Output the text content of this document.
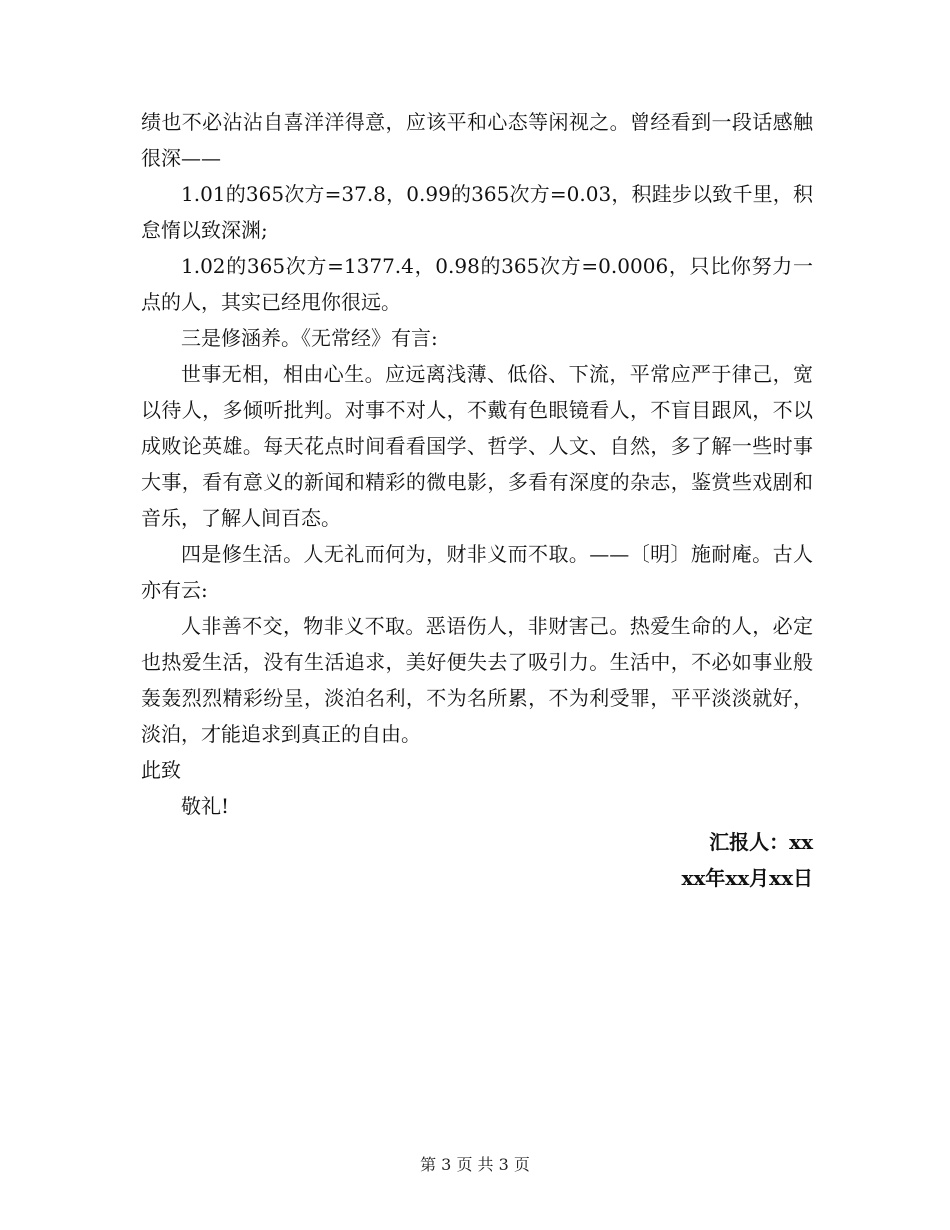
绩也不必沾沾自喜洋洋得意，应该平和心态等闲视之。曾经看到一段话感触很深——

1.01的365次方=37.8，0.99的365次方=0.03，积跬步以致千里，积怠惰以致深渊;

1.02的365次方=1377.4，0.98的365次方=0.0006，只比你努力一点的人，其实已经甩你很远。

三是修涵养。《无常经》有言:

世事无相，相由心生。应远离浅薄、低俗、下流，平常应严于律己，宽以待人，多倾听批判。对事不对人，不戴有色眼镜看人，不盲目跟风，不以成败论英雄。每天花点时间看看国学、哲学、人文、自然，多了解一些时事大事，看有意义的新闻和精彩的微电影，多看有深度的杂志，鉴赏些戏剧和音乐，了解人间百态。

四是修生活。人无礼而何为，财非义而不取。——〔明〕施耐庵。古人亦有云:

人非善不交，物非义不取。恶语伤人，非财害己。热爱生命的人，必定也热爱生活，没有生活追求，美好便失去了吸引力。生活中，不必如事业般轰轰烈烈精彩纷呈，淡泊名利，不为名所累，不为利受罪，平平淡淡就好，淡泊，才能追求到真正的自由。

此致

敬礼!

汇报人：xx

xx年xx月xx日

第 3 页 共 3 页
